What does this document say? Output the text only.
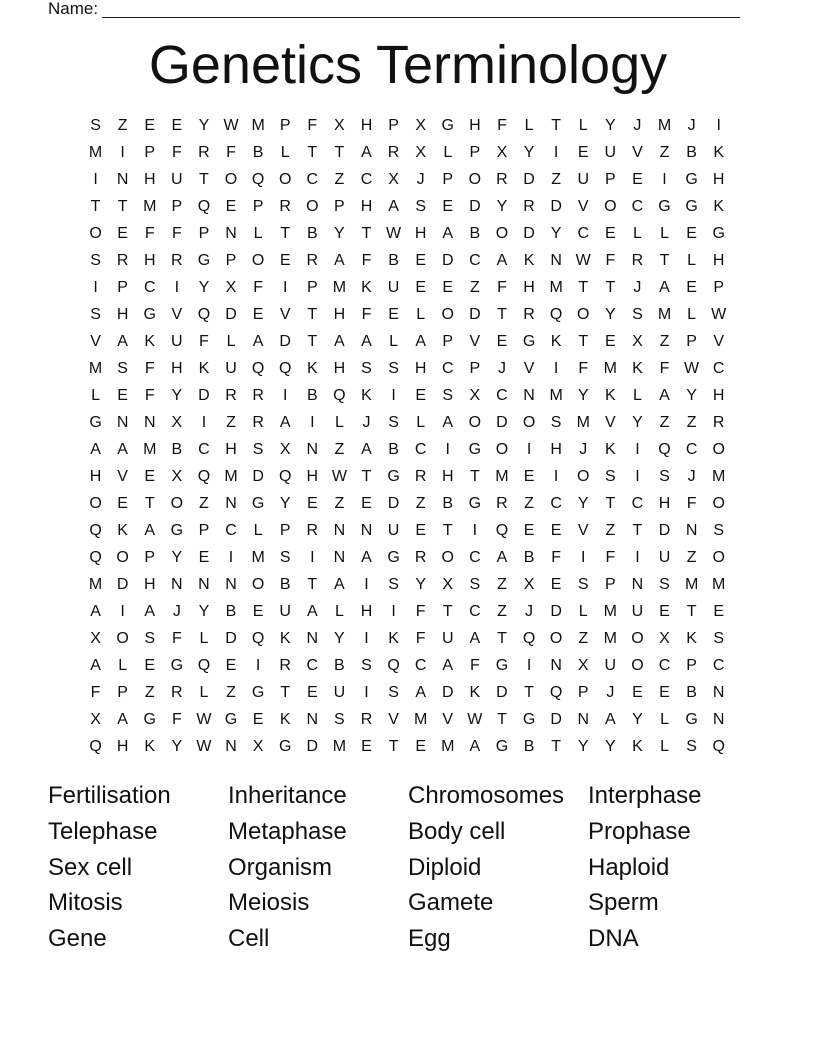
Name:
Genetics Terminology
S	Z	E	E	Y W M P	F	X H P	X G H	F	L	T	L	Y	J	M	J	I
M	I	P	F	R	F	B	L	T	T	A R X	L	P	X	Y	I	E U V	Z	B	K
I	N H U	T O Q O C	Z	C X	J	P O R D	Z	U P	E	I	G H
T	T M P Q E	P R O P H A	S	E D Y R D V O C G G K
O E	F	F	P N	L	T	B	Y	T W H A	B O D Y C E	L	L	E G
S R H R G P O E R A	F	B	E D C A	K N W F	R	T	L	H
I	P C	I	Y	X	F	I	P M K U E	E	Z	F	H M T	T	J	A	E	P
S H G V Q D E	V	T	H	F	E	L	O D	T	R Q O Y	S M L W
V	A	K U	F	L	A D	T	A	A	L	A	P	V	E G K	T	E	X	Z	P	V
M S	F	H K U Q Q K H S	S H C P	J	V	I	F M K	F W C
L	E	F	Y D R R	I	B Q K	I	E	S	X C N M Y	K	L	A	Y H
G N N X	I	Z	R A	I	L	J	S	L	A O D O S M V	Y	Z	Z	R
A	A M B C H S	X N	Z	A	B C	I	G O	I	H	J	K	I	Q C O
H V	E	X Q M D Q H W T G R H	T M E	I	O S	I	S	J	M
O E	T O Z	N G Y	E	Z	E D	Z	B G R	Z	C Y	T	C H	F O
Q K	A G P C	L	P R N N U E	T	I	Q E	E	V	Z	T	D N S
Q O P	Y	E	I	M S	I	N A G R O C A	B	F	I	F	I	U	Z O
M D H N N N O B	T	A	I	S	Y	X	S	Z	X	E	S	P N S M M
A	I	A	J	Y	B	E U A	L	H	I	F	T	C	Z	J	D	L M U E	T	E
X O S	F	L	D Q K N Y	I	K	F	U A	T Q O Z M O X	K	S
A	L	E G Q E	I	R C B	S Q C A	F G	I	N X U O C P C
F	P	Z	R	L	Z G T	E U	I	S	A D K D	T Q P	J	E	E	B N
X	A G F W G E	K N S R V M V W T G D N A	Y	L	G N
Q H K	Y W N X G D M E	T	E M A G B	T	Y	Y	K	L	S Q
Fertilisation	Inheritance	Chromosomes Interphase
Telephase	Metaphase	Body cell	Prophase
Sex cell	Organism	Diploid	Haploid
Mitosis	Meiosis	Gamete	Sperm
Gene	Cell	Egg	DNA
